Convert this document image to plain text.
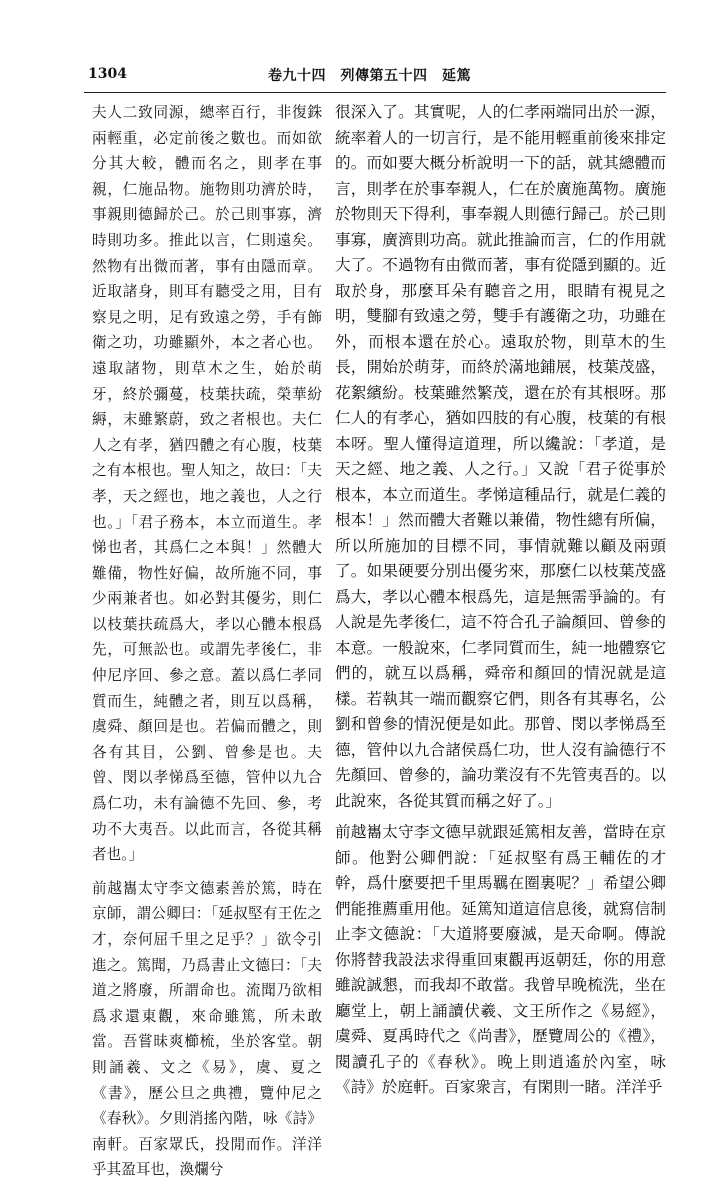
1304	卷九十四　列傳第五十四　延篤

夫人二致同源，總率百行，非復銖兩輕重，必定前後之數也。而如欲分其大較，體而名之，則孝在事親，仁施品物。施物則功濟於時，事親則德歸於己。於己則事寡，濟時則功多。推此以言，仁則遠矣。然物有出微而著，事有由隱而章。近取諸身，則耳有聽受之用，目有察見之明，足有致遠之勞，手有飾衛之功，功雖顯外，本之者心也。遠取諸物，則草木之生，始於萌牙，終於彌蔓，枝葉扶疏，榮華紛縟，末雖繁蔚，致之者根也。夫仁人之有孝，猶四體之有心腹，枝葉之有本根也。聖人知之，故曰：「夫孝，天之經也，地之義也，人之行也。」「君子務本，本立而道生。孝悌也者，其爲仁之本與！」然體大難備，物性好偏，故所施不同，事少兩兼者也。如必對其優劣，則仁以枝葉扶疏爲大，孝以心體本根爲先，可無訟也。或謂先孝後仁，非仲尼序回、參之意。蓋以爲仁孝同質而生，純體之者，則互以爲稱，虞舜、顏回是也。若偏而體之，則各有其目，公劉、曾參是也。夫曾、閔以孝悌爲至德，管仲以九合爲仁功，未有論德不先回、參，考功不大夷吾。以此而言，各從其稱者也。」

前越巂太守李文德素善於篤，時在京師，謂公卿曰：「延叔堅有王佐之才，奈何屈千里之足乎？」欲令引進之。篤聞，乃爲書止文德曰：「夫道之將廢，所謂命也。流聞乃欲相爲求還東觀，來命雖篤，所未敢當。吾嘗昧爽櫛梳，坐於客堂。朝則誦羲、文之《易》，虞、夏之《書》，歷公旦之典禮，覽仲尼之《春秋》。夕則消搖內階，咏《詩》南軒。百家眾氏，投閒而作。洋洋乎其盈耳也，渙爛兮

很深入了。其實呢，人的仁孝兩端同出於一源，統率着人的一切言行，是不能用輕重前後來排定的。而如要大概分析說明一下的話，就其總體而言，則孝在於事奉親人，仁在於廣施萬物。廣施於物則天下得利，事奉親人則德行歸己。於己則事寡，廣濟則功高。就此推論而言，仁的作用就大了。不過物有由微而著，事有從隱到顯的。近取於身，那麼耳朵有聽音之用，眼睛有視見之明，雙腳有致遠之勞，雙手有護衛之功，功雖在外，而根本還在於心。遠取於物，則草木的生長，開始於萌芽，而終於滿地鋪展，枝葉茂盛，花絮繽紛。枝葉雖然繁茂，還在於有其根呀。那仁人的有孝心，猶如四肢的有心腹，枝葉的有根本呀。聖人懂得這道理，所以纔說：「孝道，是天之經、地之義、人之行。」又說「君子從事於根本，本立而道生。孝悌這種品行，就是仁義的根本！」然而體大者難以兼備，物性總有所偏，所以所施加的目標不同，事情就難以顧及兩頭了。如果硬要分別出優劣來，那麼仁以枝葉茂盛爲大，孝以心體本根爲先，這是無需爭論的。有人說是先孝後仁，這不符合孔子論顏回、曾參的本意。一般說來，仁孝同質而生，純一地體察它們的，就互以爲稱，舜帝和顏回的情況就是這樣。若執其一端而觀察它們，則各有其專名，公劉和曾參的情況便是如此。那曾、閔以孝悌爲至德，管仲以九合諸侯爲仁功，世人沒有論德行不先顏回、曾參的，論功業沒有不先管夷吾的。以此說來，各從其質而稱之好了。」

前越巂太守李文德早就跟延篤相友善，當時在京師。他對公卿們說：「延叔堅有爲王輔佐的才幹，爲什麼要把千里馬羈在圈裏呢？」希望公卿們能推薦重用他。延篤知道這信息後，就寫信制止李文德說：「大道將要廢滅，是天命啊。傳說你將替我設法求得重回東觀再返朝廷，你的用意雖說誠懇，而我却不敢當。我曾早晚梳洗，坐在廳堂上，朝上誦讀伏羲、文王所作之《易經》，虞舜、夏禹時代之《尚書》，歷覽周公的《禮》，閱讀孔子的《春秋》。晚上則逍遙於內室，咏《詩》於庭軒。百家衆言，有閑則一睹。洋洋乎
